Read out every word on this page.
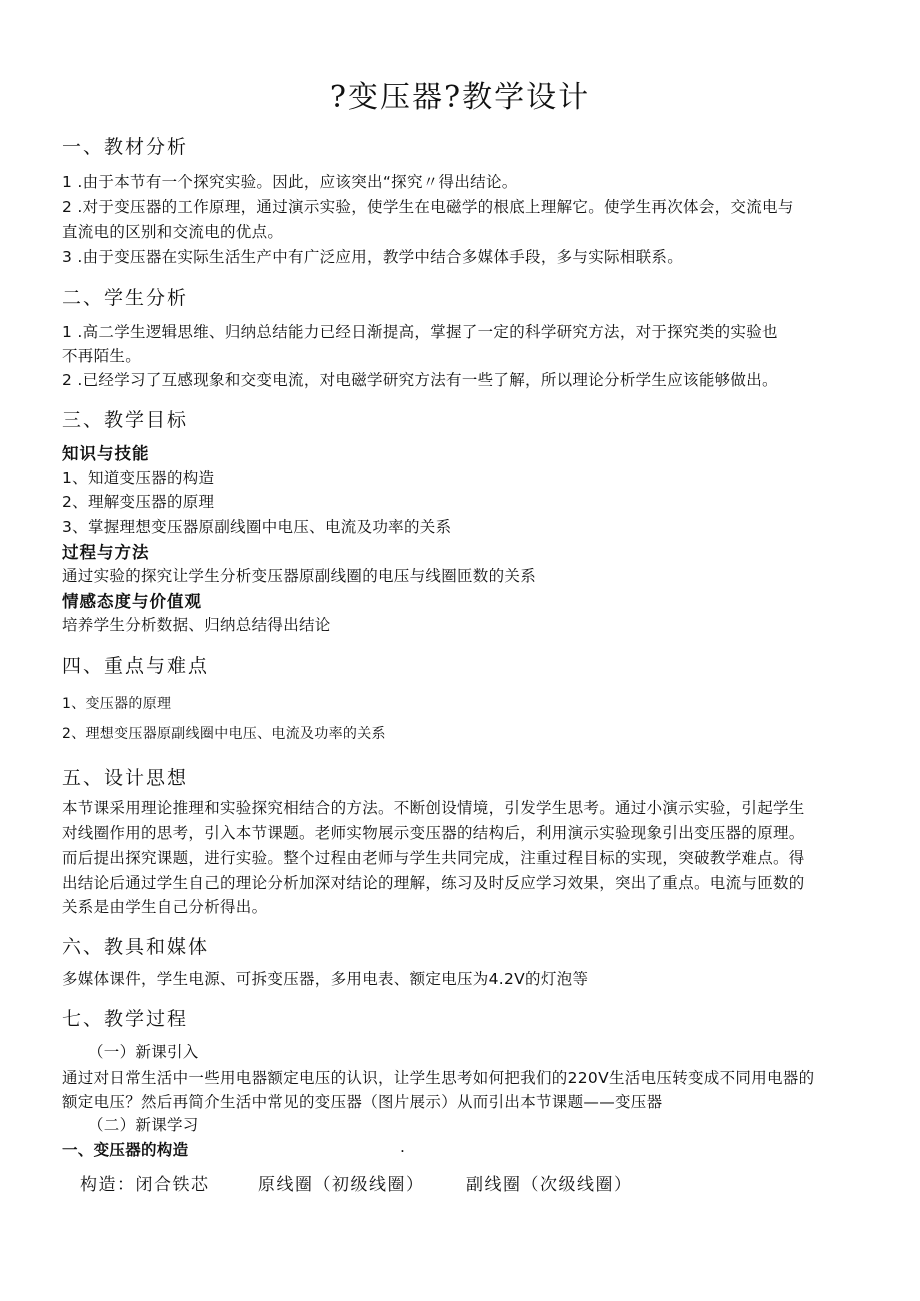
?变压器?教学设计
一、教材分析
1 .由于本节有一个探究实验。因此，应该突出“探究〃得出结论。
2 .对于变压器的工作原理，通过演示实验，使学生在电磁学的根底上理解它。使学生再次体会，交流电与
直流电的区别和交流电的优点。
3 .由于变压器在实际生活生产中有广泛应用，教学中结合多媒体手段，多与实际相联系。
二、学生分析
1 .高二学生逻辑思维、归纳总结能力已经日渐提高，掌握了一定的科学研究方法，对于探究类的实验也
不再陌生。
2 .已经学习了互感现象和交变电流，对电磁学研究方法有一些了解，所以理论分析学生应该能够做出。
三、教学目标
知识与技能
1、知道变压器的构造
2、理解变压器的原理
3、掌握理想变压器原副线圈中电压、电流及功率的关系
过程与方法
通过实验的探究让学生分析变压器原副线圈的电压与线圈匝数的关系
情感态度与价值观
培养学生分析数据、归纳总结得出结论
四、重点与难点
1、变压器的原理
2、理想变压器原副线圈中电压、电流及功率的关系
五、设计思想
本节课采用理论推理和实验探究相结合的方法。不断创设情境，引发学生思考。通过小演示实验，引起学生
对线圈作用的思考，引入本节课题。老师实物展示变压器的结构后，利用演示实验现象引出变压器的原理。
而后提出探究课题，进行实验。整个过程由老师与学生共同完成，注重过程目标的实现，突破教学难点。得
出结论后通过学生自己的理论分析加深对结论的理解，练习及时反应学习效果，突出了重点。电流与匝数的
关系是由学生自己分析得出。
六、教具和媒体
多媒体课件，学生电源、可拆变压器，多用电表、额定电压为4.2V的灯泡等
七、教学过程
（一）新课引入
通过对日常生活中一些用电器额定电压的认识，让学生思考如何把我们的220V生活电压转变成不同用电器的
额定电压？然后再简介生活中常见的变压器（图片展示）从而引出本节课题——变压器
（二）新课学习
一、变压器的构造	.
构造：闭合铁芯	原线圈（初级线圈） 副线圈（次级线圈）
